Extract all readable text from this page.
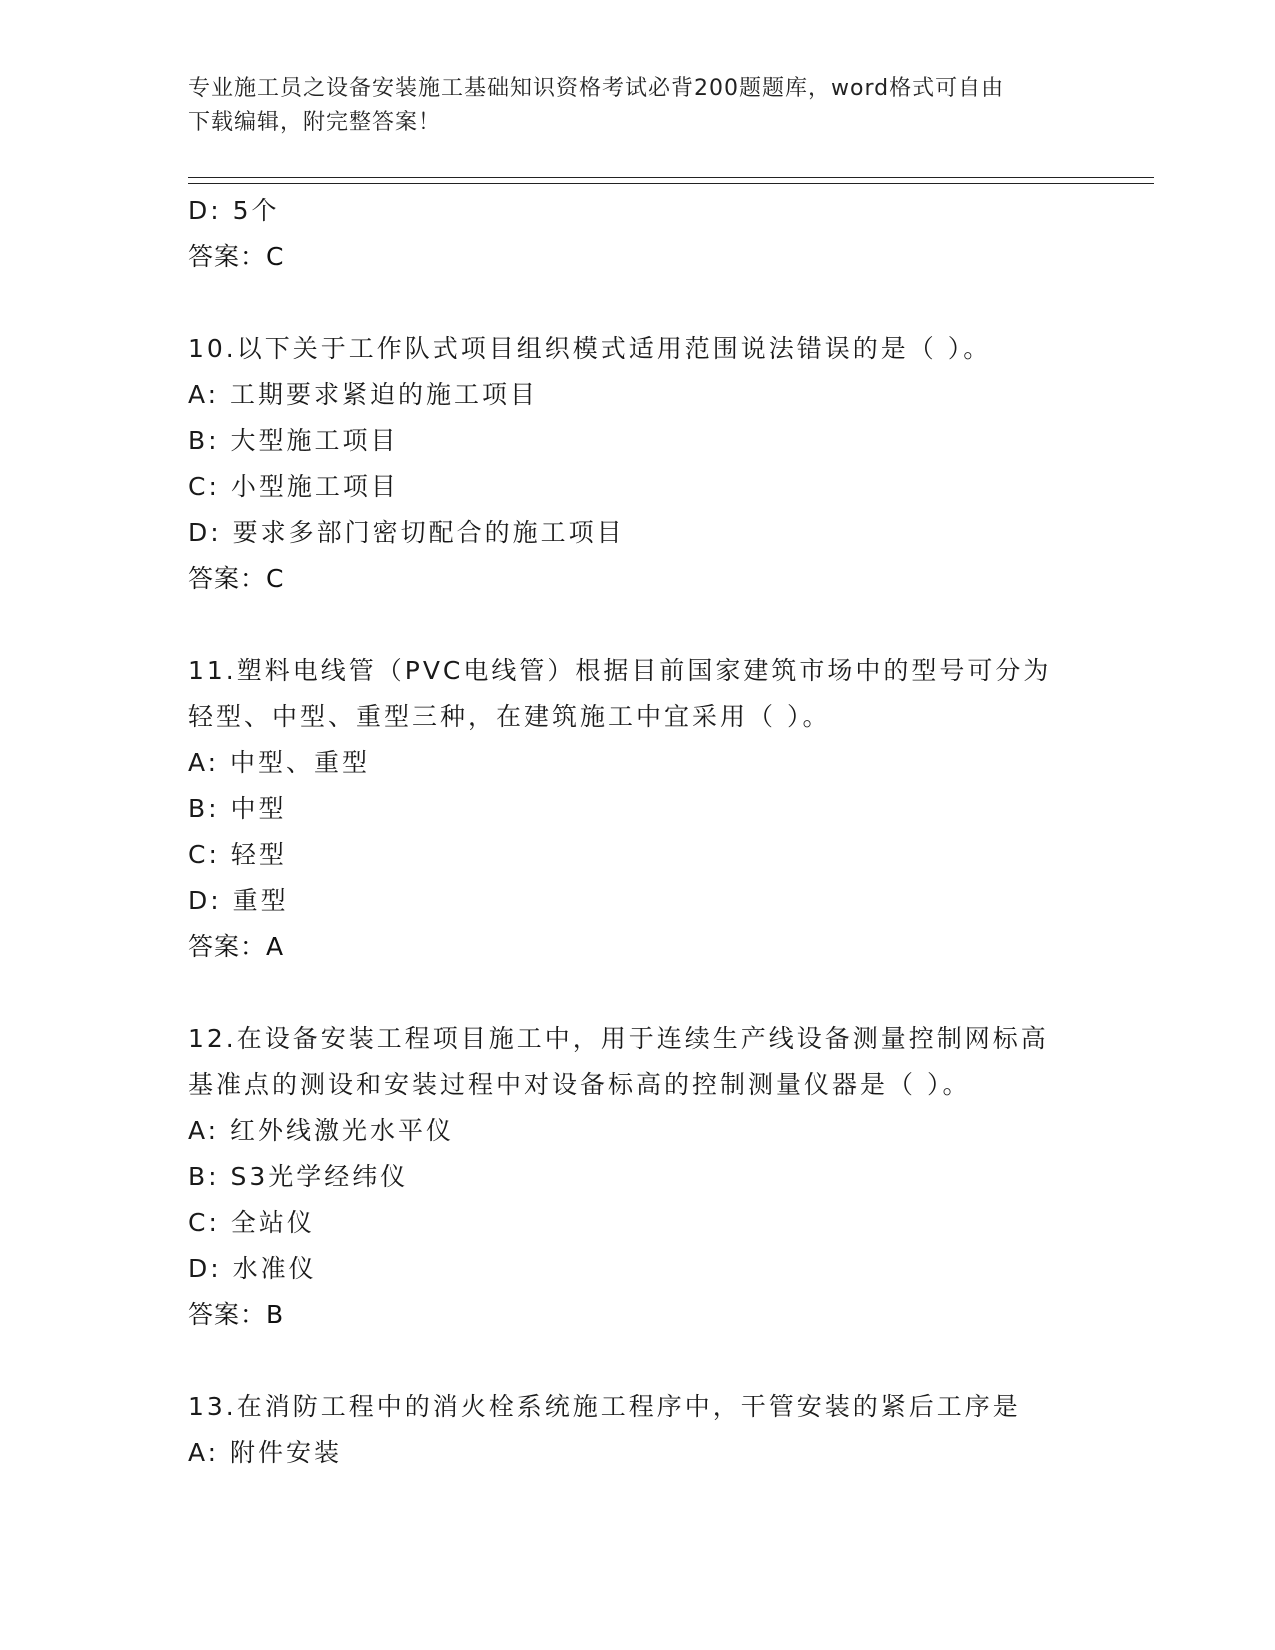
专业施工员之设备安装施工基础知识资格考试必背200题题库，word格式可自由
下载编辑，附完整答案！
D: 5个
答案：C
10.以下关于工作队式项目组织模式适用范围说法错误的是（ ）。
A: 工期要求紧迫的施工项目
B: 大型施工项目
C: 小型施工项目
D: 要求多部门密切配合的施工项目
答案：C
11.塑料电线管（PVC电线管）根据目前国家建筑市场中的型号可分为
轻型、中型、重型三种，在建筑施工中宜采用（ ）。
A: 中型、重型
B: 中型
C: 轻型
D: 重型
答案：A
12.在设备安装工程项目施工中，用于连续生产线设备测量控制网标高
基准点的测设和安装过程中对设备标高的控制测量仪器是（ ）。
A: 红外线激光水平仪
B: S3光学经纬仪
C: 全站仪
D: 水准仪
答案：B
13.在消防工程中的消火栓系统施工程序中，干管安装的紧后工序是
A: 附件安装
